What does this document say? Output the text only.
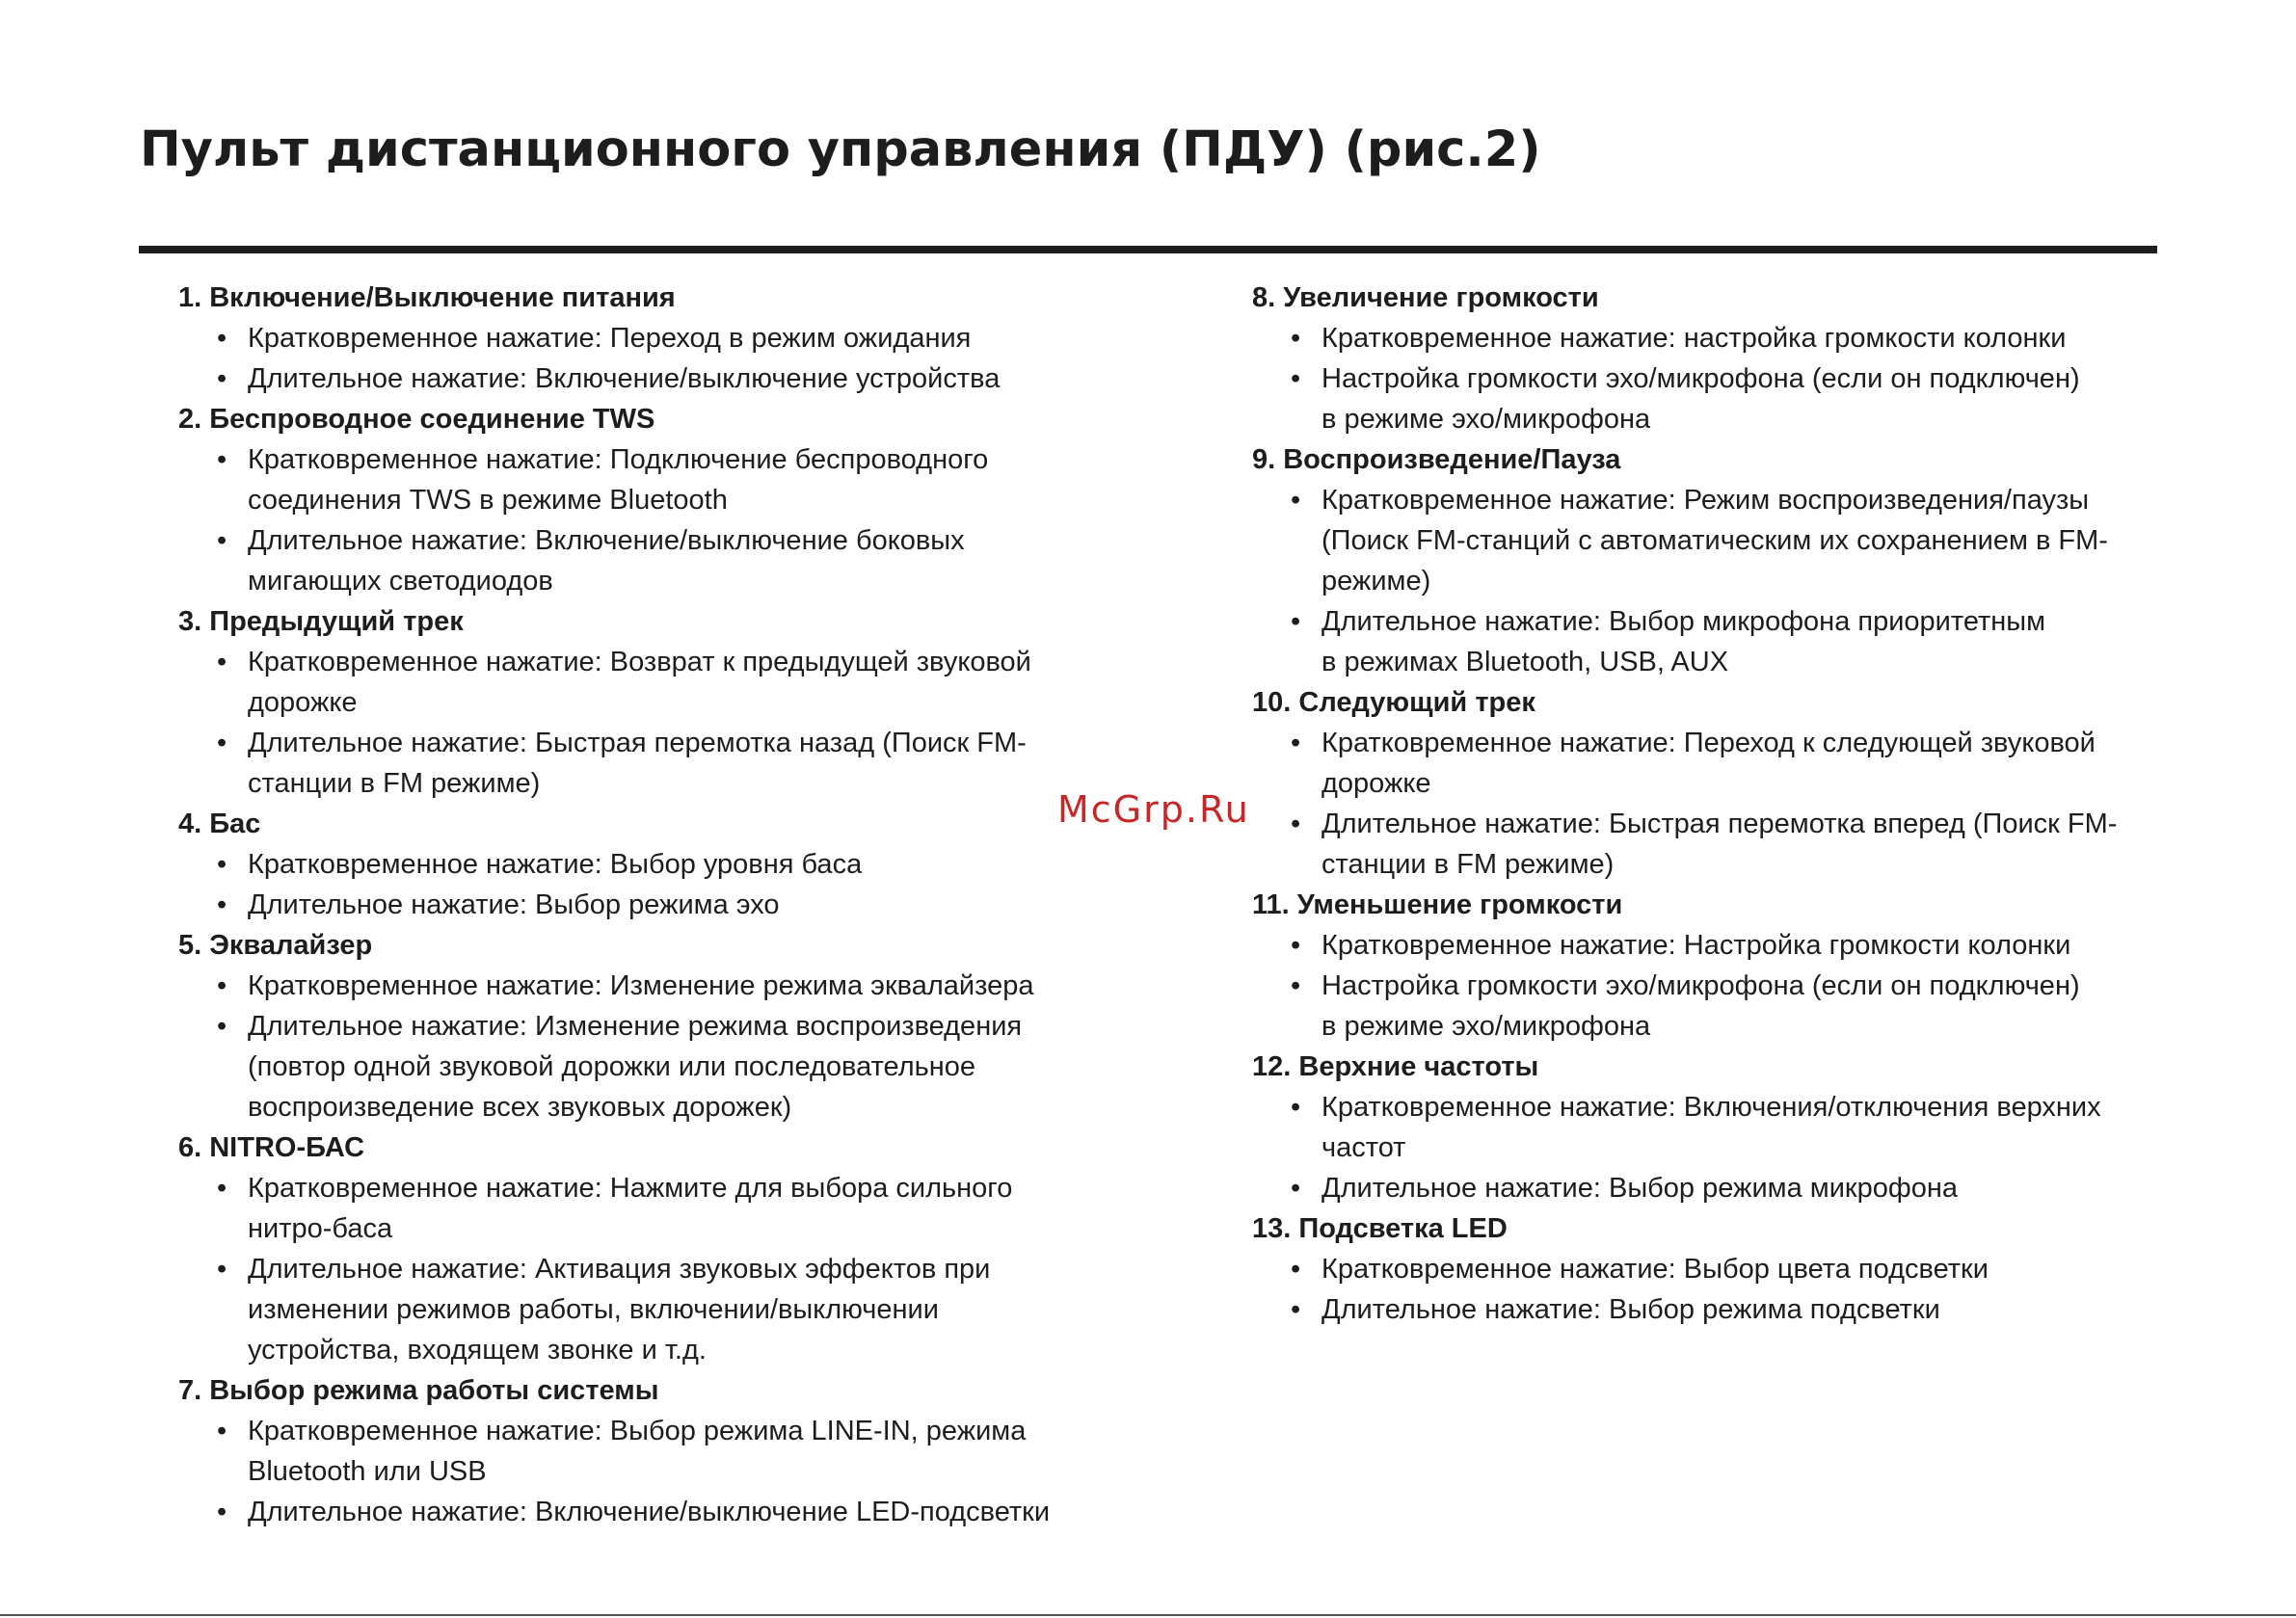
Пульт дистанционного управления (ПДУ) (рис.2)
1. Включение/Выключение питания
• Кратковременное нажатие: Переход в режим ожидания
• Длительное нажатие: Включение/выключение устройства
2. Беспроводное соединение TWS
• Кратковременное нажатие: Подключение беспроводного
соединения TWS в режиме Bluetooth
• Длительное нажатие: Включение/выключение боковых
мигающих светодиодов
3. Предыдущий трек
• Кратковременное нажатие: Возврат к предыдущей звуковой
дорожке
• Длительное нажатие: Быстрая перемотка назад (Поиск FM-
станции в FM режиме)
4. Бас
• Кратковременное нажатие: Выбор уровня баса
• Длительное нажатие: Выбор режима эхо
5. Эквалайзер
• Кратковременное нажатие: Изменение режима эквалайзера
• Длительное нажатие: Изменение режима воспроизведения
(повтор одной звуковой дорожки или последовательное
воспроизведение всех звуковых дорожек)
6. NITRO-БАС
• Кратковременное нажатие: Нажмите для выбора сильного
нитро-баса
• Длительное нажатие: Активация звуковых эффектов при
изменении режимов работы, включении/выключении
устройства, входящем звонке и т.д.
7. Выбор режима работы системы
• Кратковременное нажатие: Выбор режима LINE-IN, режима
Bluetooth или USB
• Длительное нажатие: Включение/выключение LED-подсветки
8. Увеличение громкости
• Кратковременное нажатие: настройка громкости колонки
• Настройка громкости эхо/микрофона (если он подключен)
в режиме эхо/микрофона
9. Воспроизведение/Пауза
• Кратковременное нажатие: Режим воспроизведения/паузы
(Поиск FM-станций с автоматическим их сохранением в FM-
режиме)
• Длительное нажатие: Выбор микрофона приоритетным
в режимах Bluetooth, USB, AUX
10. Следующий трек
• Кратковременное нажатие: Переход к следующей звуковой
дорожке
• Длительное нажатие: Быстрая перемотка вперед (Поиск FM-
станции в FM режиме)
11. Уменьшение громкости
• Кратковременное нажатие: Настройка громкости колонки
• Настройка громкости эхо/микрофона (если он подключен)
в режиме эхо/микрофона
12. Верхние частоты
• Кратковременное нажатие: Включения/отключения верхних
частот
• Длительное нажатие: Выбор режима микрофона
13. Подсветка LED
• Кратковременное нажатие: Выбор цвета подсветки
• Длительное нажатие: Выбор режима подсветки
McGrp.Ru
